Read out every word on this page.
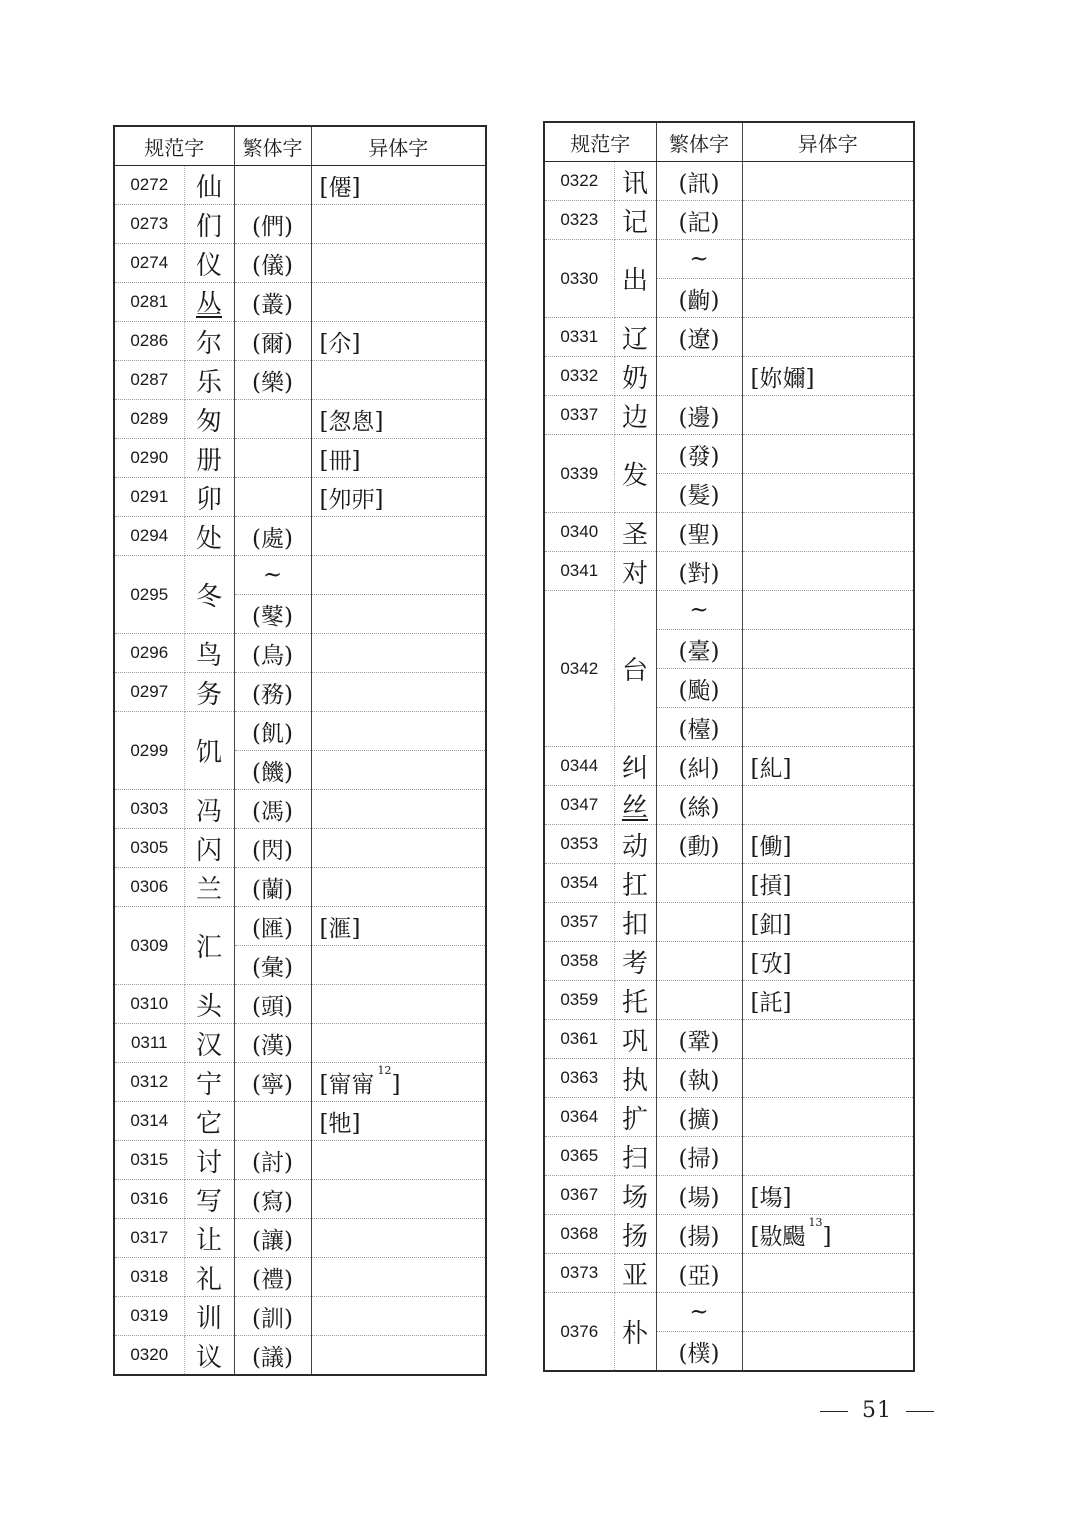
规范字		繁体字	异体字
0272	仙		[僊]
0273	们	(們)	
0274	仪	(儀)	
0281	丛	(叢)	
0286	尔	(爾)	[尒]
0287	乐	(樂)	
0289	匆		[怱悤]
0290	册		[冊]
0291	卯		[夘戼]
0294	处	(處)	
0295	冬	~	
		(鼕)	
0296	鸟	(鳥)	
0297	务	(務)	
0299	饥	(飢)	
		(饑)	
0303	冯	(馮)	
0305	闪	(閃)	
0306	兰	(蘭)	
0309	汇	(匯)	[滙]
		(彙)	
0310	头	(頭)	
0311	汉	(漢)	
0312	宁	(寧)	[甯甯$^{12}$]
0314	它		[牠]
0315	讨	(討)	
0316	写	(寫)	
0317	让	(讓)	
0318	礼	(禮)	
0319	训	(訓)	
0320	议	(議)	
规范字		繁体字	异体字
0322	讯	(訊)	
0323	记	(記)	
0330	出	~	
		(齣)	
0331	辽	(遼)	
0332	奶		[妳嬭]
0337	边	(邊)	
0339	发	(發)	
		(髮)	
0340	圣	(聖)	
0341	对	(對)	
0342	台	~	
		(臺)	
		(颱)	
		(檯)	
0344	纠	(糾)	[糺]
0347	丝	(絲)	
0353	动	(動)	[働]
0354	扛		[摃]
0357	扣		[釦]
0358	考		[攷]
0359	托		[託]
0361	巩	(鞏)	
0363	执	(執)	
0364	扩	(擴)	
0365	扫	(掃)	
0367	场	(場)	[塲]
0368	扬	(揚)	[敭颺$^{13}$]
0373	亚	(亞)	
0376	朴	~	
		(樸)	
51
